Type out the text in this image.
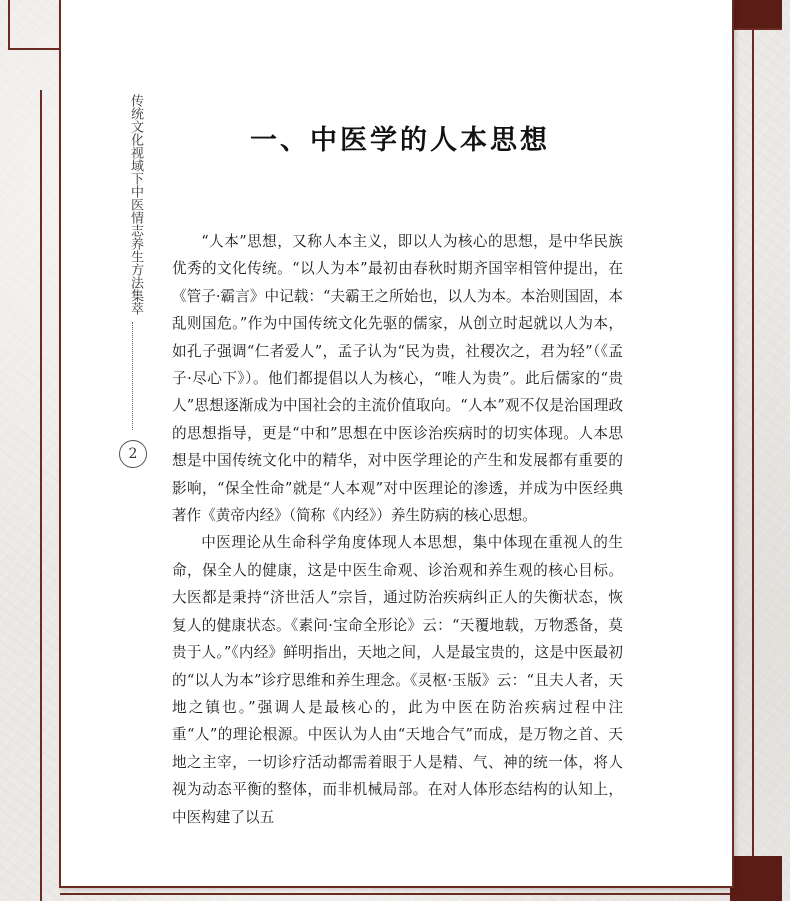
传统文化视域下中医情志养生方法集萃
2
一、中医学的人本思想

“人本”思想，又称人本主义，即以人为核心的思想，是中华民族优秀的文化传统。“以人为本”最初由春秋时期齐国宰相管仲提出，在《管子·霸言》中记载：“夫霸王之所始也，以人为本。本治则国固，本乱则国危。”作为中国传统文化先驱的儒家，从创立时起就以人为本，如孔子强调“仁者爱人”，孟子认为“民为贵，社稷次之，君为轻”（《孟子·尽心下》）。他们都提倡以人为核心，“唯人为贵”。此后儒家的“贵人”思想逐渐成为中国社会的主流价值取向。“人本”观不仅是治国理政的思想指导，更是“中和”思想在中医诊治疾病时的切实体现。人本思想是中国传统文化中的精华，对中医学理论的产生和发展都有重要的影响，“保全性命”就是“人本观”对中医理论的渗透，并成为中医经典著作《黄帝内经》（简称《内经》）养生防病的核心思想。

中医理论从生命科学角度体现人本思想，集中体现在重视人的生命，保全人的健康，这是中医生命观、诊治观和养生观的核心目标。大医都是秉持“济世活人”宗旨，通过防治疾病纠正人的失衡状态，恢复人的健康状态。《素问·宝命全形论》云：“天覆地载，万物悉备，莫贵于人。”《内经》鲜明指出，天地之间，人是最宝贵的，这是中医最初的“以人为本”诊疗思维和养生理念。《灵枢·玉版》云：“且夫人者，天地之镇也。”强调人是最核心的，此为中医在防治疾病过程中注重“人”的理论根源。中医认为人由“天地合气”而成，是万物之首、天地之主宰，一切诊疗活动都需着眼于人是精、气、神的统一体，将人视为动态平衡的整体，而非机械局部。在对人体形态结构的认知上，中医构建了以五
